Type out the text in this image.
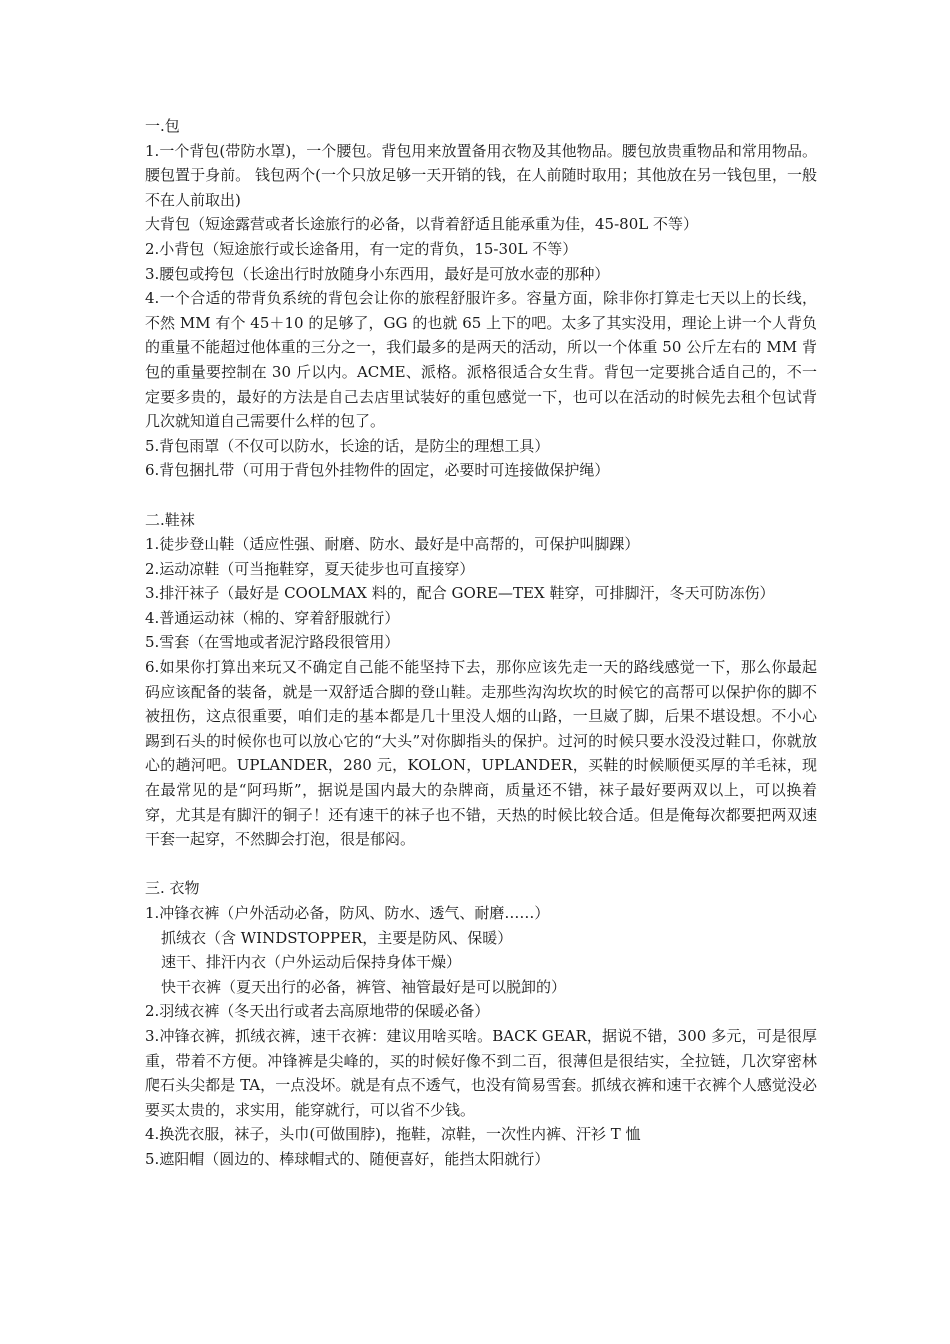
一.包
1.一个背包(带防水罩)，一个腰包。背包用来放置备用衣物及其他物品。腰包放贵重物品和常用物品。腰包置于身前。 钱包两个(一个只放足够一天开销的钱，在人前随时取用；其他放在另一钱包里，一般不在人前取出)
大背包（短途露营或者长途旅行的必备，以背着舒适且能承重为佳，45-80L 不等）
2.小背包（短途旅行或长途备用，有一定的背负，15-30L 不等）
3.腰包或挎包（长途出行时放随身小东西用，最好是可放水壶的那种）
4.一个合适的带背负系统的背包会让你的旅程舒服许多。容量方面，除非你打算走七天以上的长线，不然 MM 有个 45＋10 的足够了，GG 的也就 65 上下的吧。太多了其实没用，理论上讲一个人背负的重量不能超过他体重的三分之一，我们最多的是两天的活动，所以一个体重 50 公斤左右的 MM 背包的重量要控制在 30 斤以内。ACME、派格。派格很适合女生背。背包一定要挑合适自己的，不一定要多贵的，最好的方法是自己去店里试装好的重包感觉一下，也可以在活动的时候先去租个包试背几次就知道自己需要什么样的包了。
5.背包雨罩（不仅可以防水，长途的话，是防尘的理想工具）
6.背包捆扎带（可用于背包外挂物件的固定，必要时可连接做保护绳）
二.鞋袜
1.徒步登山鞋（适应性强、耐磨、防水、最好是中高帮的，可保护叫脚踝）
2.运动凉鞋（可当拖鞋穿，夏天徒步也可直接穿）
3.排汗袜子（最好是 COOLMAX 料的，配合 GORE—TEX 鞋穿，可排脚汗，冬天可防冻伤）
4.普通运动袜（棉的、穿着舒服就行）
5.雪套（在雪地或者泥泞路段很管用）
6.如果你打算出来玩又不确定自己能不能坚持下去，那你应该先走一天的路线感觉一下，那么你最起码应该配备的装备，就是一双舒适合脚的登山鞋。走那些沟沟坎坎的时候它的高帮可以保护你的脚不被扭伤，这点很重要，咱们走的基本都是几十里没人烟的山路，一旦崴了脚，后果不堪设想。不小心踢到石头的时候你也可以放心它的“大头”对你脚指头的保护。过河的时候只要水没没过鞋口，你就放心的趟河吧。UPLANDER，280 元，KOLON，UPLANDER，买鞋的时候顺便买厚的羊毛袜，现在最常见的是“阿玛斯”，据说是国内最大的杂牌商，质量还不错，袜子最好要两双以上，可以换着穿，尤其是有脚汗的铜子！还有速干的袜子也不错，天热的时候比较合适。但是俺每次都要把两双速干套一起穿，不然脚会打泡，很是郁闷。
三. 衣物
1.冲锋衣裤（户外活动必备，防风、防水、透气、耐磨……）
抓绒衣（含 WINDSTOPPER，主要是防风、保暖）
速干、排汗内衣（户外运动后保持身体干燥）
快干衣裤（夏天出行的必备，裤管、袖管最好是可以脱卸的）
2.羽绒衣裤（冬天出行或者去高原地带的保暖必备）
3.冲锋衣裤，抓绒衣裤，速干衣裤：建议用啥买啥。BACK GEAR，据说不错，300 多元，可是很厚重，带着不方便。冲锋裤是尖峰的，买的时候好像不到二百，很薄但是很结实，全拉链，几次穿密林爬石头尖都是 TA，一点没坏。就是有点不透气，也没有简易雪套。抓绒衣裤和速干衣裤个人感觉没必要买太贵的，求实用，能穿就行，可以省不少钱。
4.换洗衣服，袜子，头巾(可做围脖)，拖鞋，凉鞋，一次性内裤、汗衫 T 恤
5.遮阳帽（圆边的、棒球帽式的、随便喜好，能挡太阳就行）
